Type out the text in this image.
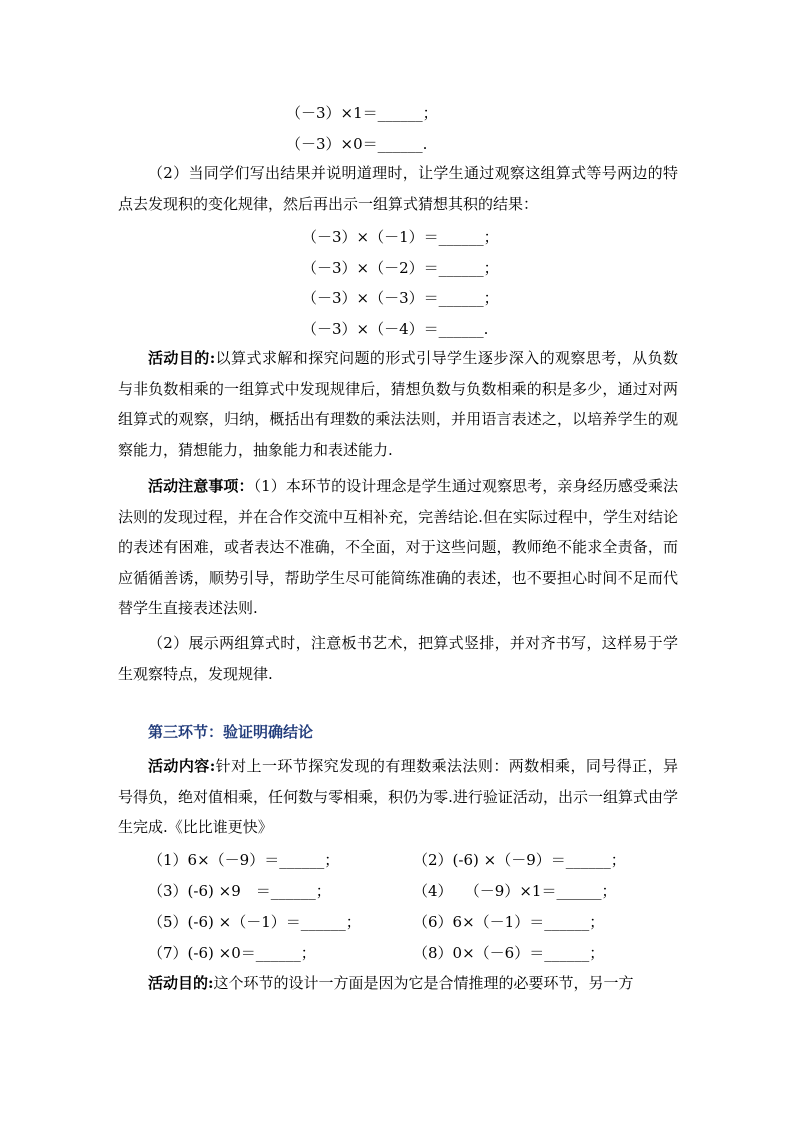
（－3）×1＝______；
（－3）×0＝______.
（2）当同学们写出结果并说明道理时，让学生通过观察这组算式等号两边的特点去发现积的变化规律，然后再出示一组算式猜想其积的结果：
（－3）×（－1）＝______；
（－3）×（－2）＝______；
（－3）×（－3）＝______；
（－3）×（－4）＝______.
活动目的:以算式求解和探究问题的形式引导学生逐步深入的观察思考，从负数与非负数相乘的一组算式中发现规律后，猜想负数与负数相乘的积是多少，通过对两组算式的观察，归纳，概括出有理数的乘法法则，并用语言表述之，以培养学生的观察能力，猜想能力，抽象能力和表述能力.
活动注意事项：（1）本环节的设计理念是学生通过观察思考，亲身经历感受乘法法则的发现过程，并在合作交流中互相补充，完善结论.但在实际过程中，学生对结论的表述有困难，或者表达不准确，不全面，对于这些问题，教师绝不能求全责备，而应循循善诱，顺势引导，帮助学生尽可能简练准确的表述，也不要担心时间不足而代替学生直接表述法则.
（2）展示两组算式时，注意板书艺术，把算式竖排，并对齐书写，这样易于学生观察特点，发现规律.
第三环节：验证明确结论
活动内容:针对上一环节探究发现的有理数乘法法则：两数相乘，同号得正，异号得负，绝对值相乘，任何数与零相乘，积仍为零.进行验证活动，出示一组算式由学生完成.《比比谁更快》
（1）6×（－9）＝______；	（2）(-6) ×（－9）＝______；
（3）(-6) ×9　＝______；	（4）　 （－9）×1＝______；
（5）(-6) ×（－1）＝______；	（6）6×（－1）＝______；
（7）(-6) ×0＝______；	（8）0×（－6）＝______；
活动目的:这个环节的设计一方面是因为它是合情推理的必要环节，另一方
